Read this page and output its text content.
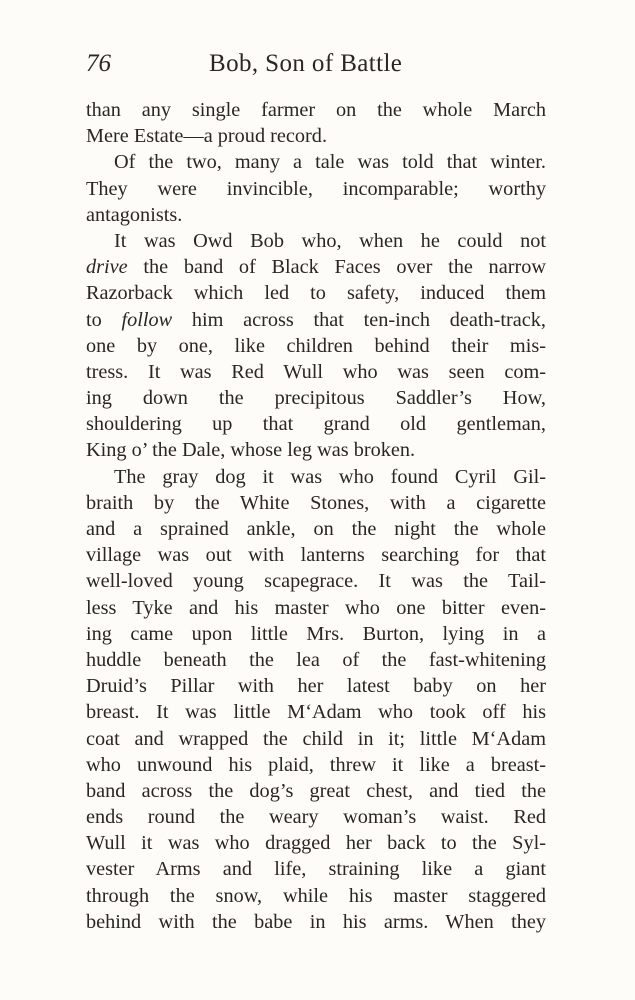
76	Bob, Son of Battle
than any single farmer on the whole March
Mere Estate—a proud record.
Of the two, many a tale was told that winter.
They were invincible, incomparable; worthy
antagonists.
It was Owd Bob who, when he could not
drive the band of Black Faces over the narrow
Razorback which led to safety, induced them
to follow him across that ten-inch death-track,
one by one, like children behind their mis-
tress. It was Red Wull who was seen com-
ing down the precipitous Saddler’s How,
shouldering up that grand old gentleman,
King o’ the Dale, whose leg was broken.
The gray dog it was who found Cyril Gil-
braith by the White Stones, with a cigarette
and a sprained ankle, on the night the whole
village was out with lanterns searching for that
well-loved young scapegrace. It was the Tail-
less Tyke and his master who one bitter even-
ing came upon little Mrs. Burton, lying in a
huddle beneath the lea of the fast-whitening
Druid’s Pillar with her latest baby on her
breast. It was little M‘Adam who took off his
coat and wrapped the child in it; little M‘Adam
who unwound his plaid, threw it like a breast-
band across the dog’s great chest, and tied the
ends round the weary woman’s waist. Red
Wull it was who dragged her back to the Syl-
vester Arms and life, straining like a giant
through the snow, while his master staggered
behind with the babe in his arms. When they
